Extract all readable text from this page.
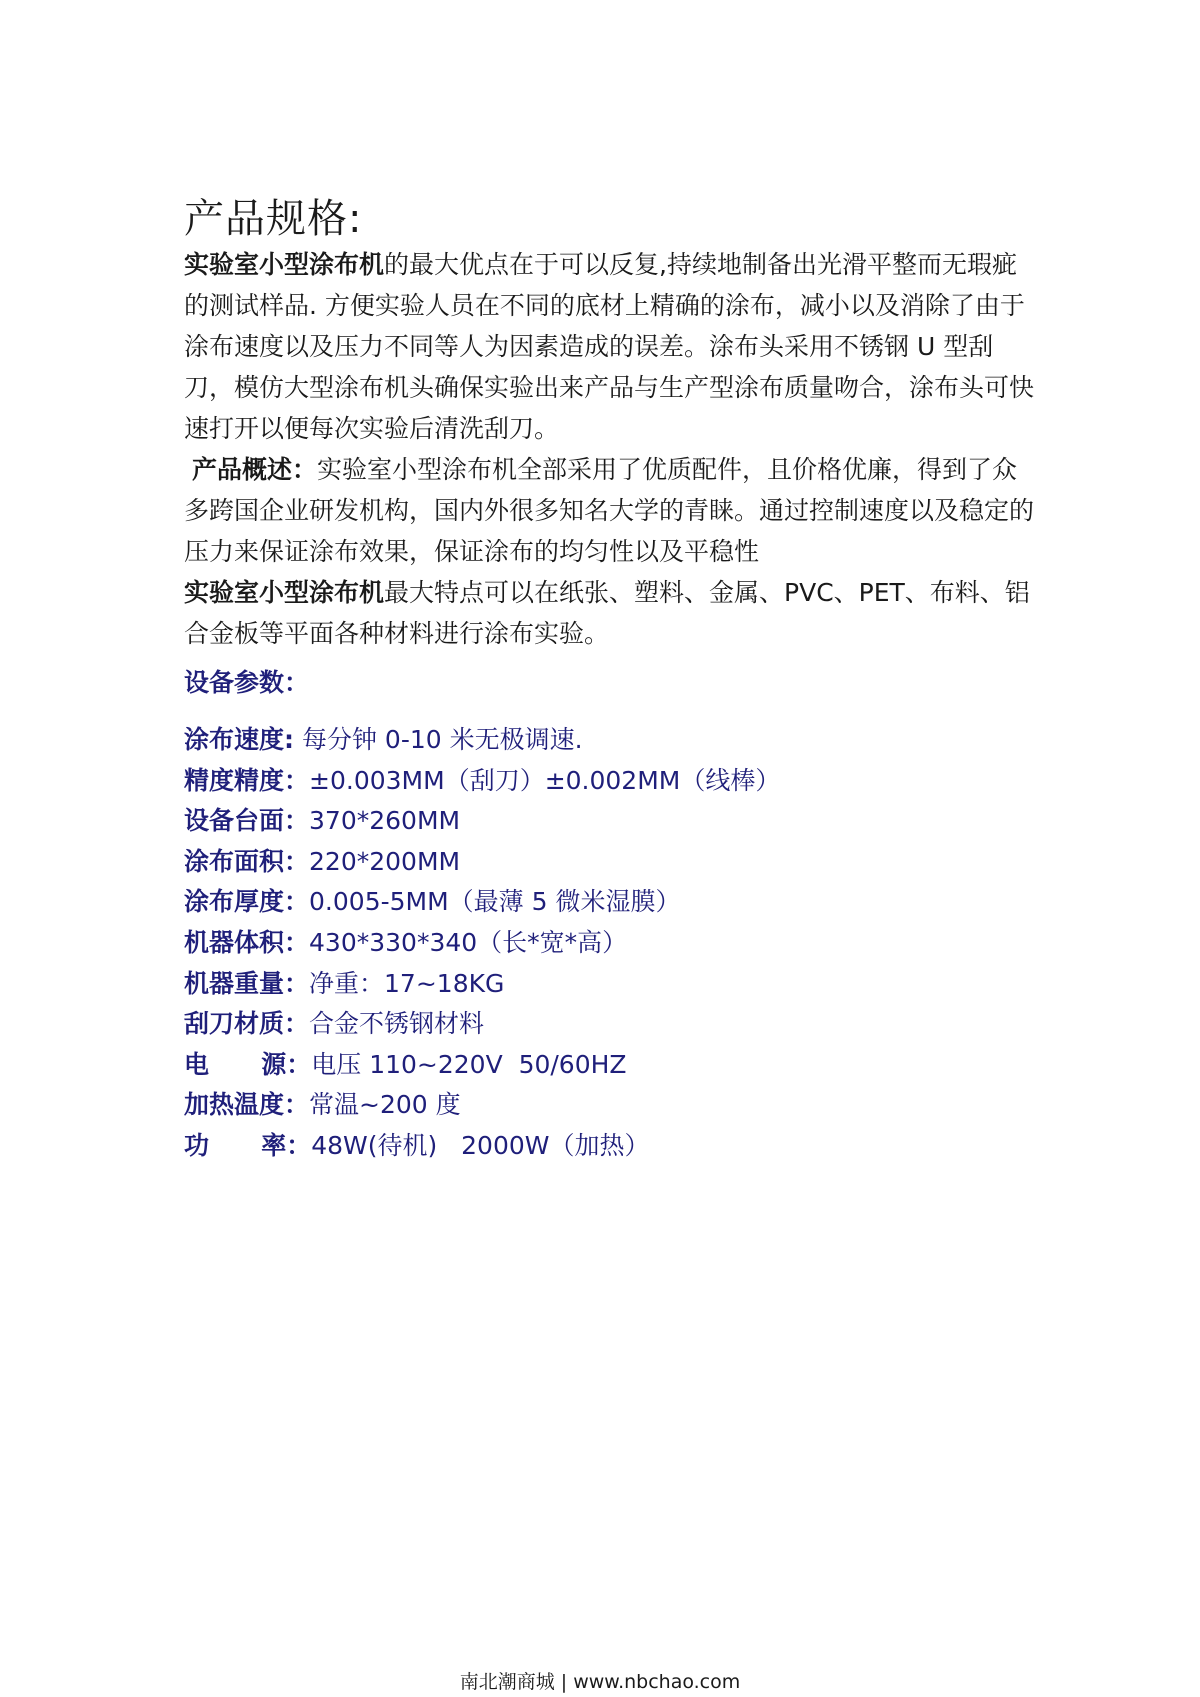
产品规格:

实验室小型涂布机的最大优点在于可以反复,持续地制备出光滑平整而无瑕疵的测试样品. 方便实验人员在不同的底材上精确的涂布，减小以及消除了由于涂布速度以及压力不同等人为因素造成的误差。涂布头采用不锈钢 U 型刮刀，模仿大型涂布机头确保实验出来产品与生产型涂布质量吻合，涂布头可快速打开以便每次实验后清洗刮刀。

产品概述：实验室小型涂布机全部采用了优质配件，且价格优廉，得到了众多跨国企业研发机构，国内外很多知名大学的青睐。通过控制速度以及稳定的压力来保证涂布效果，保证涂布的均匀性以及平稳性

实验室小型涂布机最大特点可以在纸张、塑料、金属、PVC、PET、布料、铝合金板等平面各种材料进行涂布实验。

设备参数：
涂布速度: 每分钟 0-10 米无极调速.
精度精度：±0.003MM（刮刀）±0.002MM（线棒）
设备台面：370*260MM
涂布面积：220*200MM
涂布厚度：0.005-5MM（最薄 5 微米湿膜）
机器体积：430*330*340（长*宽*高）
机器重量：净重：17~18KG
刮刀材质：合金不锈钢材料
电      源：电压 110~220V  50/60HZ
加热温度：常温~200 度
功      率：48W(待机)   2000W（加热）
南北潮商城 | www.nbchao.com
